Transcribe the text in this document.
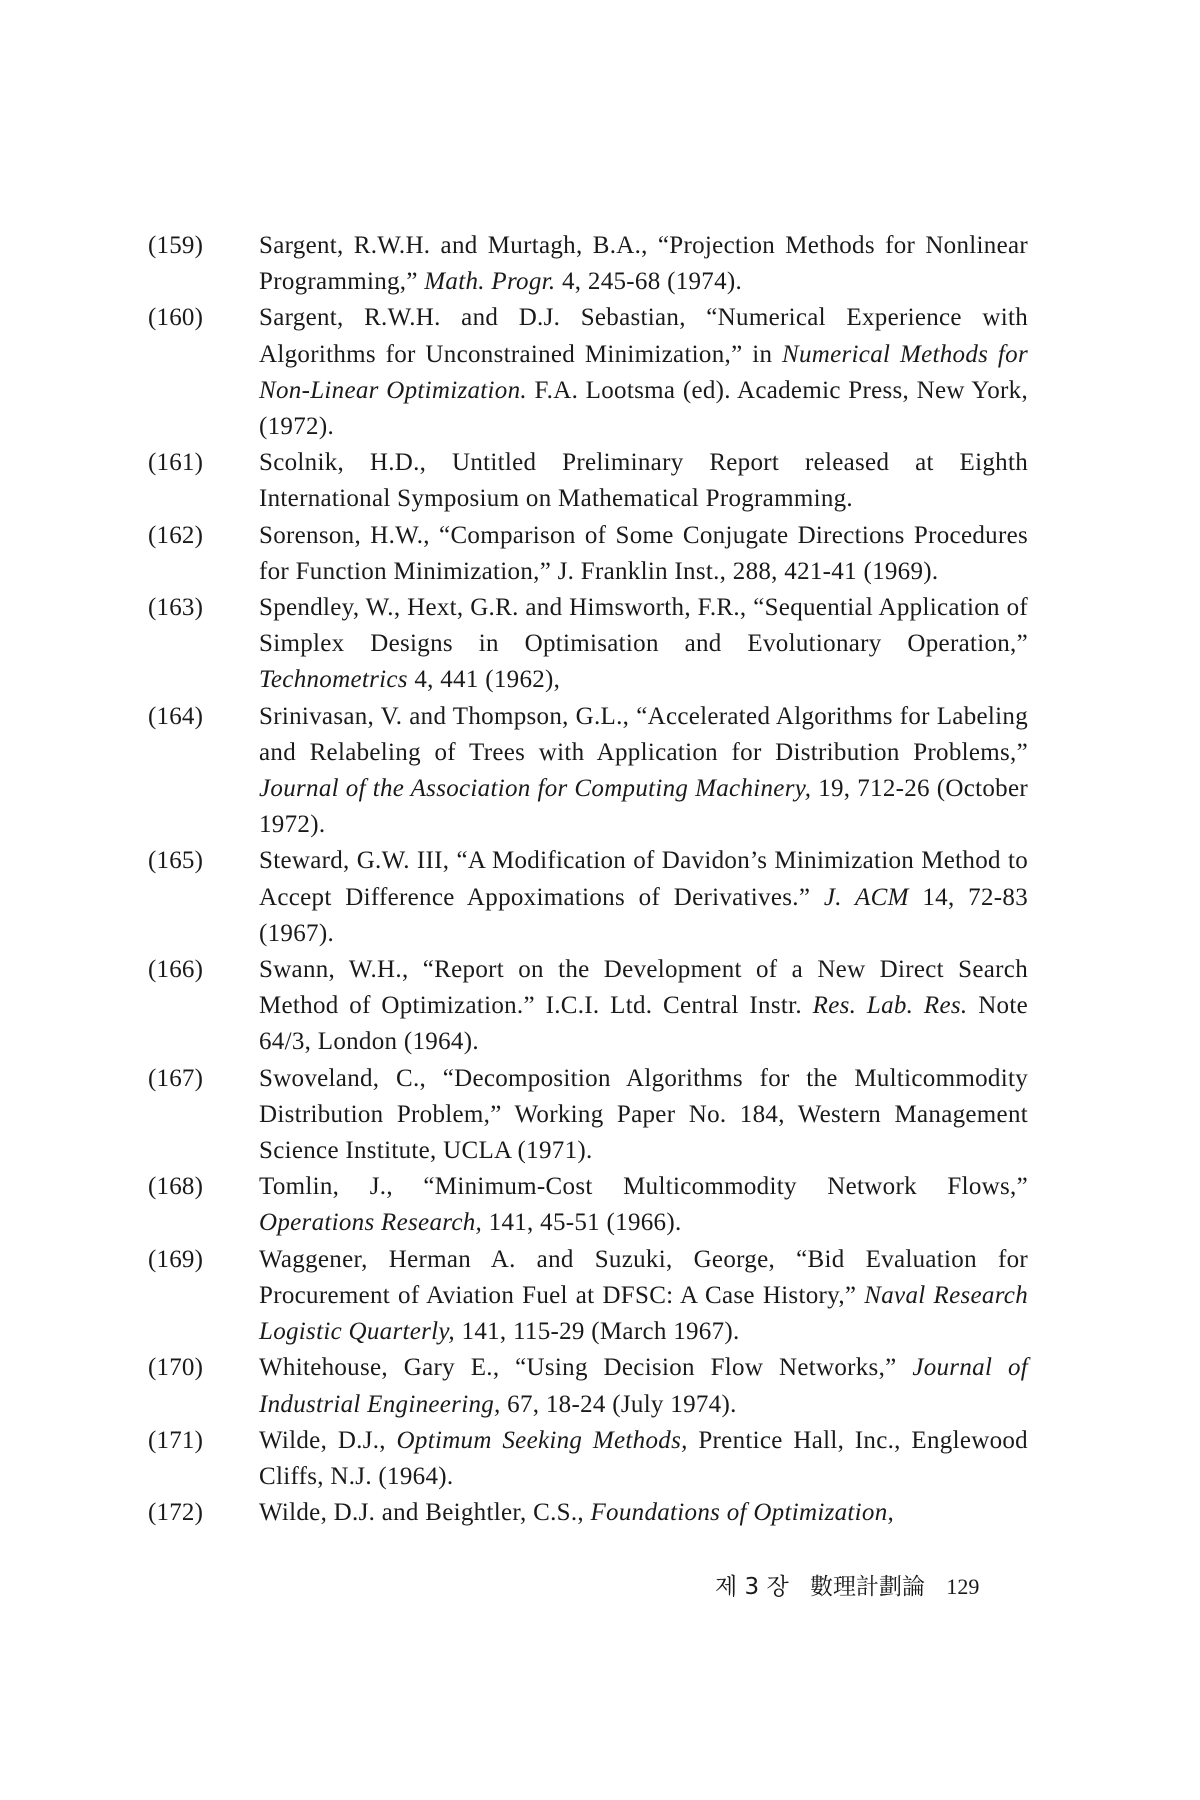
(159)	Sargent, R.W.H. and Murtagh, B.A., “Projection Methods for Nonlinear Programming,” Math. Progr. 4, 245-68 (1974).
(160)	Sargent, R.W.H. and D.J. Sebastian, “Numerical Experience with Algorithms for Unconstrained Minimization,” in Numerical Methods for Non-Linear Optimization. F.A. Lootsma (ed). Academic Press, New York, (1972).
(161)	Scolnik, H.D., Untitled Preliminary Report released at Eighth International Symposium on Mathematical Programming.
(162)	Sorenson, H.W., “Comparison of Some Conjugate Directions Procedures for Function Minimization,” J. Franklin Inst., 288, 421-41 (1969).
(163)	Spendley, W., Hext, G.R. and Himsworth, F.R., “Sequential Application of Simplex Designs in Optimisation and Evolutionary Operation,” Technometrics 4, 441 (1962),
(164)	Srinivasan, V. and Thompson, G.L., “Accelerated Algorithms for Labeling and Relabeling of Trees with Application for Distribution Problems,” Journal of the Association for Computing Machinery, 19, 712-26 (October 1972).
(165)	Steward, G.W. III, “A Modification of Davidon’s Minimization Method to Accept Difference Appoximations of Derivatives.” J. ACM 14, 72-83 (1967).
(166)	Swann, W.H., “Report on the Development of a New Direct Search Method of Optimization.” I.C.I. Ltd. Central Instr. Res. Lab. Res. Note 64/3, London (1964).
(167)	Swoveland, C., “Decomposition Algorithms for the Multicommodity Distribution Problem,” Working Paper No. 184, Western Management Science Institute, UCLA (1971).
(168)	Tomlin, J., “Minimum-Cost Multicommodity Network Flows,” Operations Research, 141, 45-51 (1966).
(169)	Waggener, Herman A. and Suzuki, George, “Bid Evaluation for Procurement of Aviation Fuel at DFSC: A Case History,” Naval Research Logistic Quarterly, 141, 115-29 (March 1967).
(170)	Whitehouse, Gary E., “Using Decision Flow Networks,” Journal of Industrial Engineering, 67, 18-24 (July 1974).
(171)	Wilde, D.J., Optimum Seeking Methods, Prentice Hall, Inc., Englewood Cliffs, N.J. (1964).
(172)	Wilde, D.J. and Beightler, C.S., Foundations of Optimization,
제 3 장 數理計劃論 129
